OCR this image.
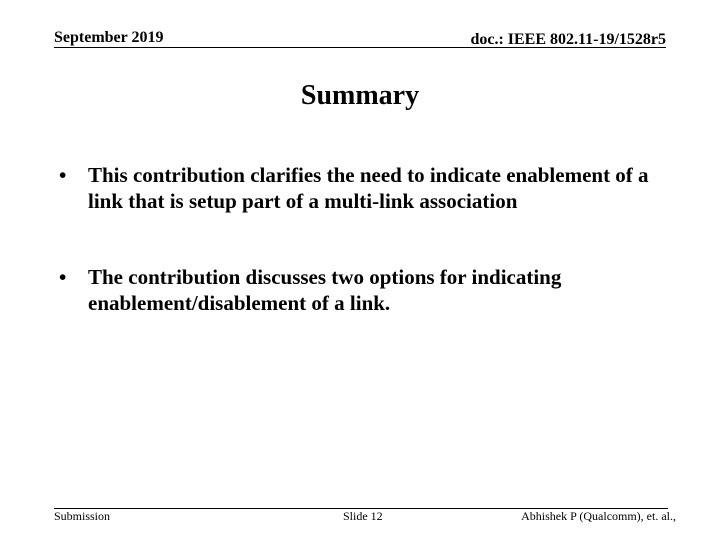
September 2019	doc.: IEEE 802.11-19/1528r5
Summary
• This contribution clarifies the need to indicate enablement of a link that is setup part of a multi-link association
• The contribution discusses two options for indicating enablement/disablement of a link.
Submission	Slide 12	Abhishek P (Qualcomm), et. al.,
